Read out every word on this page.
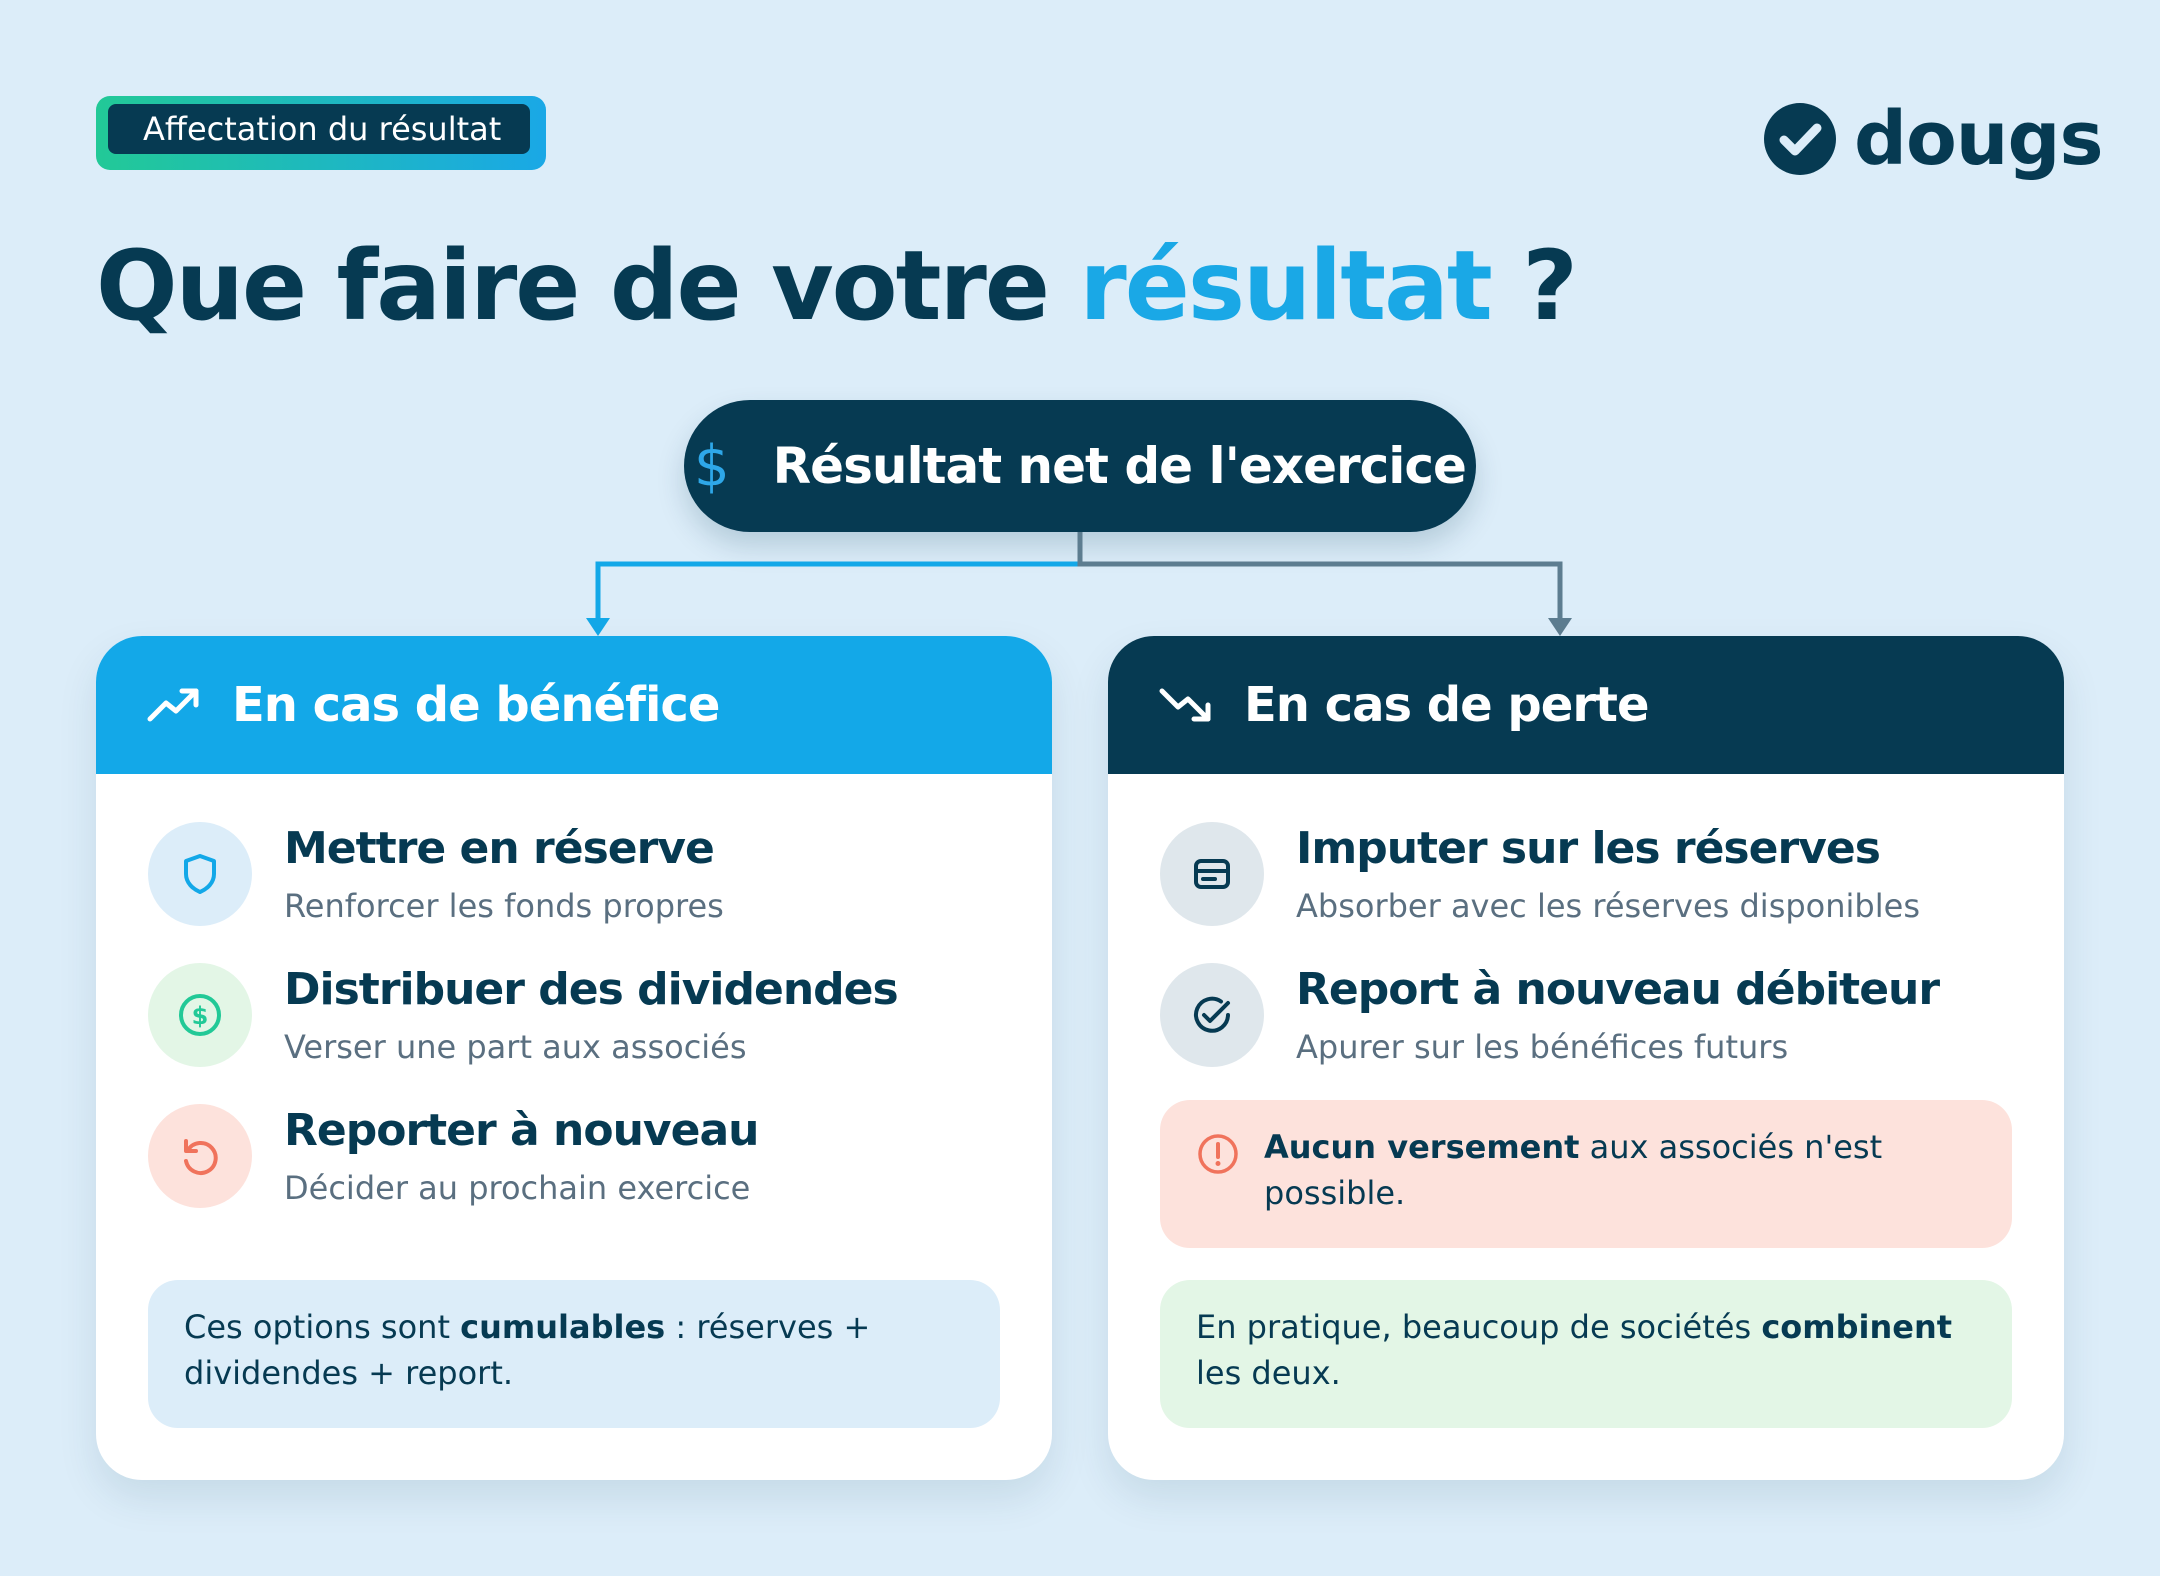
Affectation du résultat	dougs
Que faire de votre résultat ?
$ Résultat net de l'exercice
En cas de bénéfice
Mettre en réserve
Renforcer les fonds propres
$
Distribuer des dividendes
Verser une part aux associés
Reporter à nouveau
Décider au prochain exercice
Ces options sont cumulables : réserves + dividendes + report.
En cas de perte
Imputer sur les réserves
Absorber avec les réserves disponibles
Report à nouveau débiteur
Apurer sur les bénéfices futurs
Aucun versement aux associés n'est possible.
En pratique, beaucoup de sociétés combinent les deux.
